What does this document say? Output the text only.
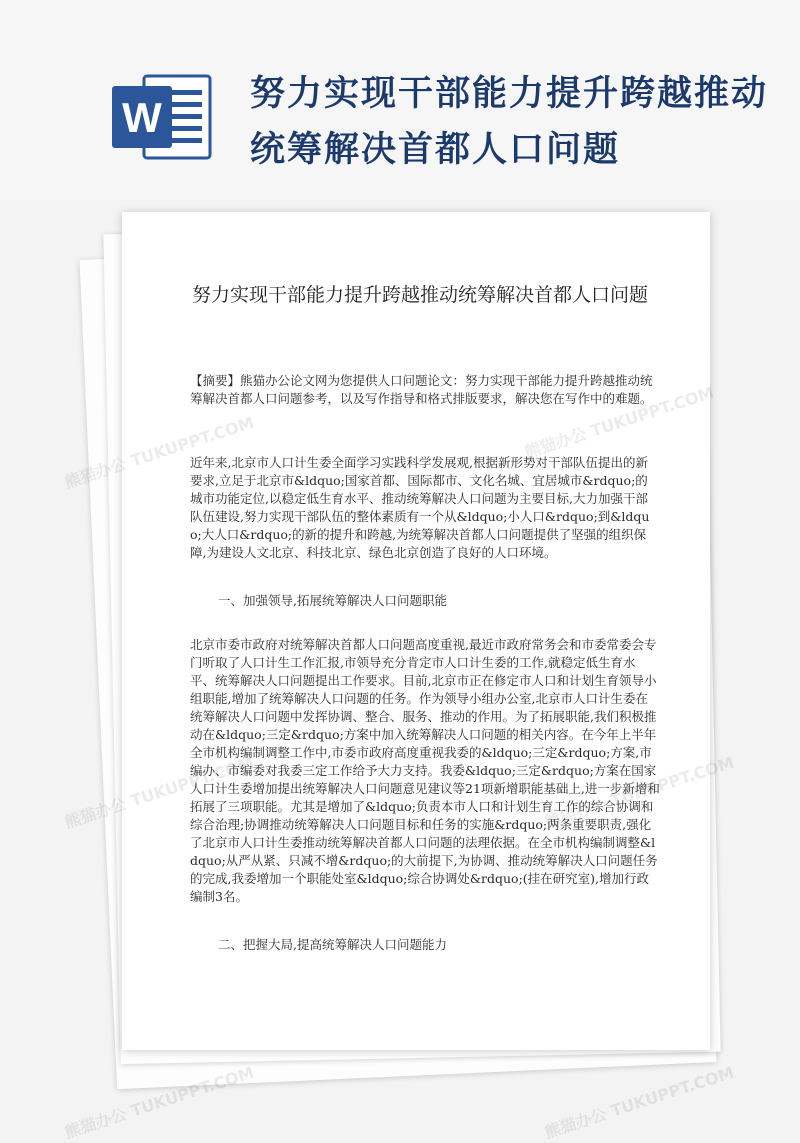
W	努力实现干部能力提升跨越推动统筹解决首都人口问题
努力实现干部能力提升跨越推动统筹解决首都人口问题
【摘要】熊猫办公论文网为您提供人口问题论文：努力实现干部能力提升跨越推动统筹解决首都人口问题参考，以及写作指导和格式排版要求，解决您在写作中的难题。
近年来,北京市人口计生委全面学习实践科学发展观,根据新形势对干部队伍提出的新要求,立足于北京市&ldquo;国家首都、国际都市、文化名城、宜居城市&rdquo;的城市功能定位,以稳定低生育水平、推动统筹解决人口问题为主要目标,大力加强干部队伍建设,努力实现干部队伍的整体素质有一个从&ldquo;小人口&rdquo;到&ldquo;大人口&rdquo;的新的提升和跨越,为统筹解决首都人口问题提供了坚强的组织保障,为建设人文北京、科技北京、绿色北京创造了良好的人口环境。
一、加强领导,拓展统筹解决人口问题职能
北京市委市政府对统筹解决首都人口问题高度重视,最近市政府常务会和市委常委会专门听取了人口计生工作汇报,市领导充分肯定市人口计生委的工作,就稳定低生育水平、统筹解决人口问题提出工作要求。目前,北京市正在修定市人口和计划生育领导小组职能,增加了统筹解决人口问题的任务。作为领导小组办公室,北京市人口计生委在统筹解决人口问题中发挥协调、整合、服务、推动的作用。为了拓展职能,我们积极推动在&ldquo;三定&rdquo;方案中加入统筹解决人口问题的相关内容。在今年上半年全市机构编制调整工作中,市委市政府高度重视我委的&ldquo;三定&rdquo;方案,市编办、市编委对我委三定工作给予大力支持。我委&ldquo;三定&rdquo;方案在国家人口计生委增加提出统筹解决人口问题意见建议等21项新增职能基础上,进一步新增和拓展了三项职能。尤其是增加了&ldquo;负责本市人口和计划生育工作的综合协调和综合治理;协调推动统筹解决人口问题目标和任务的实施&rdquo;两条重要职责,强化了北京市人口计生委推动统筹解决首都人口问题的法理依据。在全市机构编制调整&ldquo;从严从紧、只减不增&rdquo;的大前提下,为协调、推动统筹解决人口问题任务的完成,我委增加一个职能处室&ldquo;综合协调处&rdquo;(挂在研究室),增加行政编制3名。
二、把握大局,提高统筹解决人口问题能力
熊猫办公
熊猫办公 TUKUPPT.COM	熊猫办公 TUKUPPT.COM
